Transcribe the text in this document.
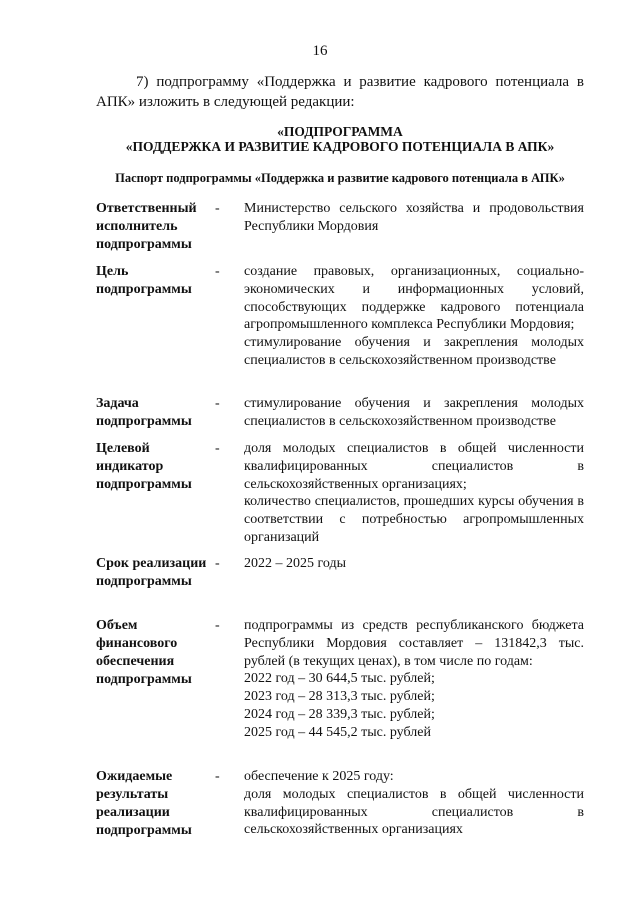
16

7) подпрограмму «Поддержка и развитие кадрового потенциала в АПК» изложить в следующей редакции:

«ПОДПРОГРАММА
«ПОДДЕРЖКА И РАЗВИТИЕ КАДРОВОГО ПОТЕНЦИАЛА В АПК»
Паспорт подпрограммы «Поддержка и развитие кадрового потенциала в АПК»
Ответственный исполнитель подпрограммы
-	Министерство сельского хозяйства и продовольствия Республики Мордовия

Цель подпрограммы
-	создание правовых, организационных, социально-экономических и информационных условий, способствующих поддержке кадрового потенциала агропромышленного комплекса Республики Мордовия;

стимулирование обучения и закрепления молодых специалистов в сельскохозяйственном производстве

Задача подпрограммы
-	стимулирование обучения и закрепления молодых специалистов в сельскохозяйственном производстве

Целевой индикатор подпрограммы
-	доля молодых специалистов в общей численности квалифицированных специалистов в сельскохозяйственных организациях;

количество специалистов, прошедших курсы обучения в соответствии с потребностью агропромышленных организаций

Срок реализации подпрограммы
-	2022 – 2025 годы

Объем финансового обеспечения подпрограммы
-	подпрограммы из средств республиканского бюджета Республики Мордовия составляет – 131842,3 тыс. рублей (в текущих ценах), в том числе по годам:

2022 год – 30 644,5 тыс. рублей;

2023 год – 28 313,3 тыс. рублей;

2024 год – 28 339,3 тыс. рублей;

2025 год – 44 545,2 тыс. рублей

Ожидаемые результаты реализации подпрограммы
-	обеспечение к 2025 году:

доля молодых специалистов в общей численности квалифицированных специалистов в сельскохозяйственных организациях
